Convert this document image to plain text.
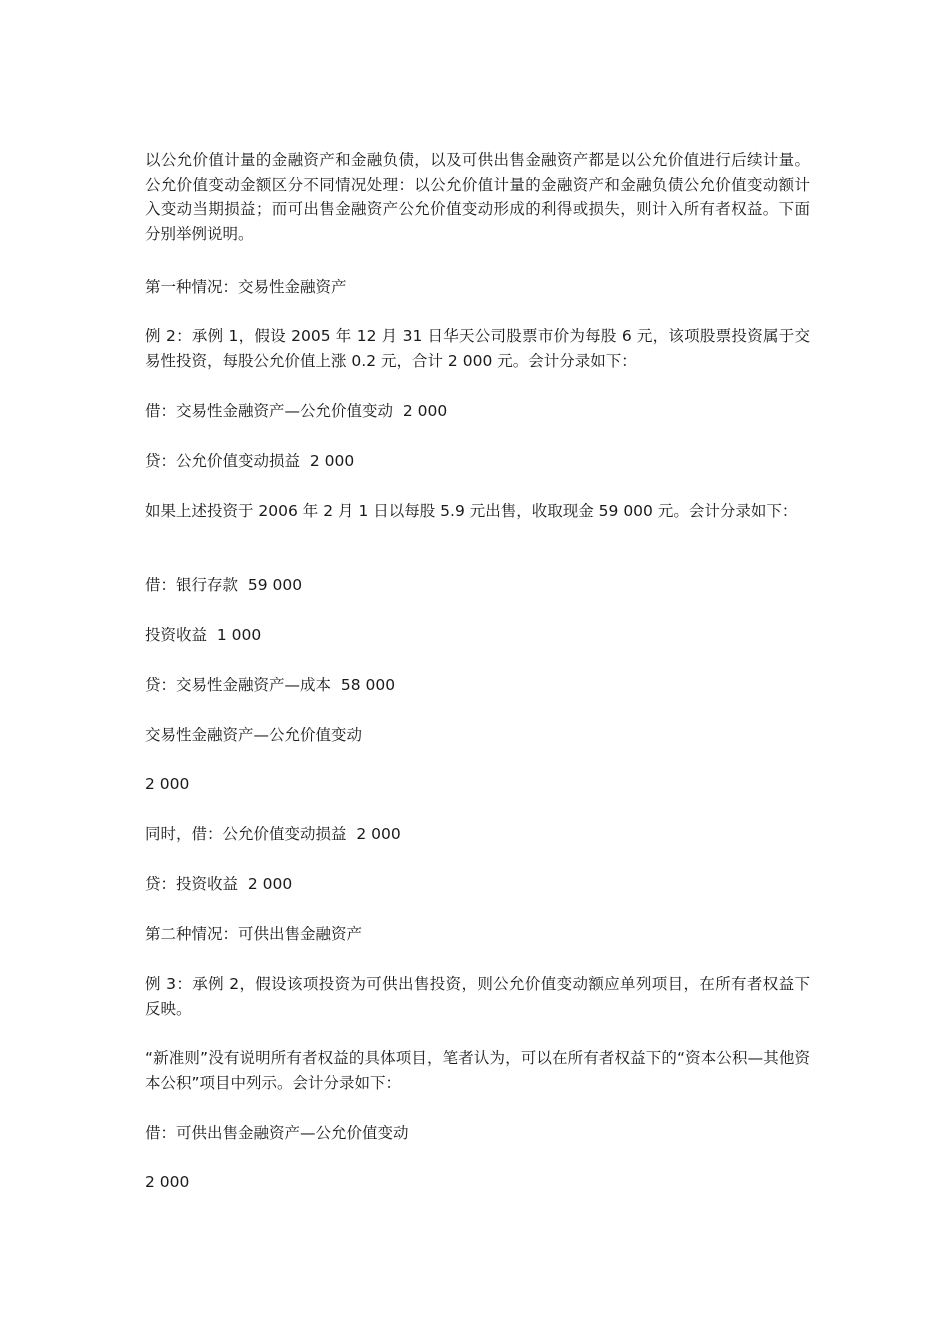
以公允价值计量的金融资产和金融负债，以及可供出售金融资产都是以公允价值进行后续计量。公允价值变动金额区分不同情况处理：以公允价值计量的金融资产和金融负债公允价值变动额计入变动当期损益；而可出售金融资产公允价值变动形成的利得或损失，则计入所有者权益。下面分别举例说明。

第一种情况：交易性金融资产

例 2：承例 1，假设 2005 年 12 月 31 日华天公司股票市价为每股 6 元，该项股票投资属于交易性投资，每股公允价值上涨 0.2 元，合计 2 000 元。会计分录如下：

借：交易性金融资产—公允价值变动  2 000

贷：公允价值变动损益  2 000

如果上述投资于 2006 年 2 月 1 日以每股 5.9 元出售，收取现金 59 000 元。会计分录如下：

借：银行存款  59 000

投资收益  1 000

贷：交易性金融资产—成本  58 000

交易性金融资产—公允价值变动

2 000

同时，借：公允价值变动损益  2 000

贷：投资收益  2 000

第二种情况：可供出售金融资产

例 3：承例 2，假设该项投资为可供出售投资，则公允价值变动额应单列项目，在所有者权益下反映。

“新准则”没有说明所有者权益的具体项目，笔者认为，可以在所有者权益下的“资本公积—其他资本公积”项目中列示。会计分录如下：

借：可供出售金融资产—公允价值变动

2 000
